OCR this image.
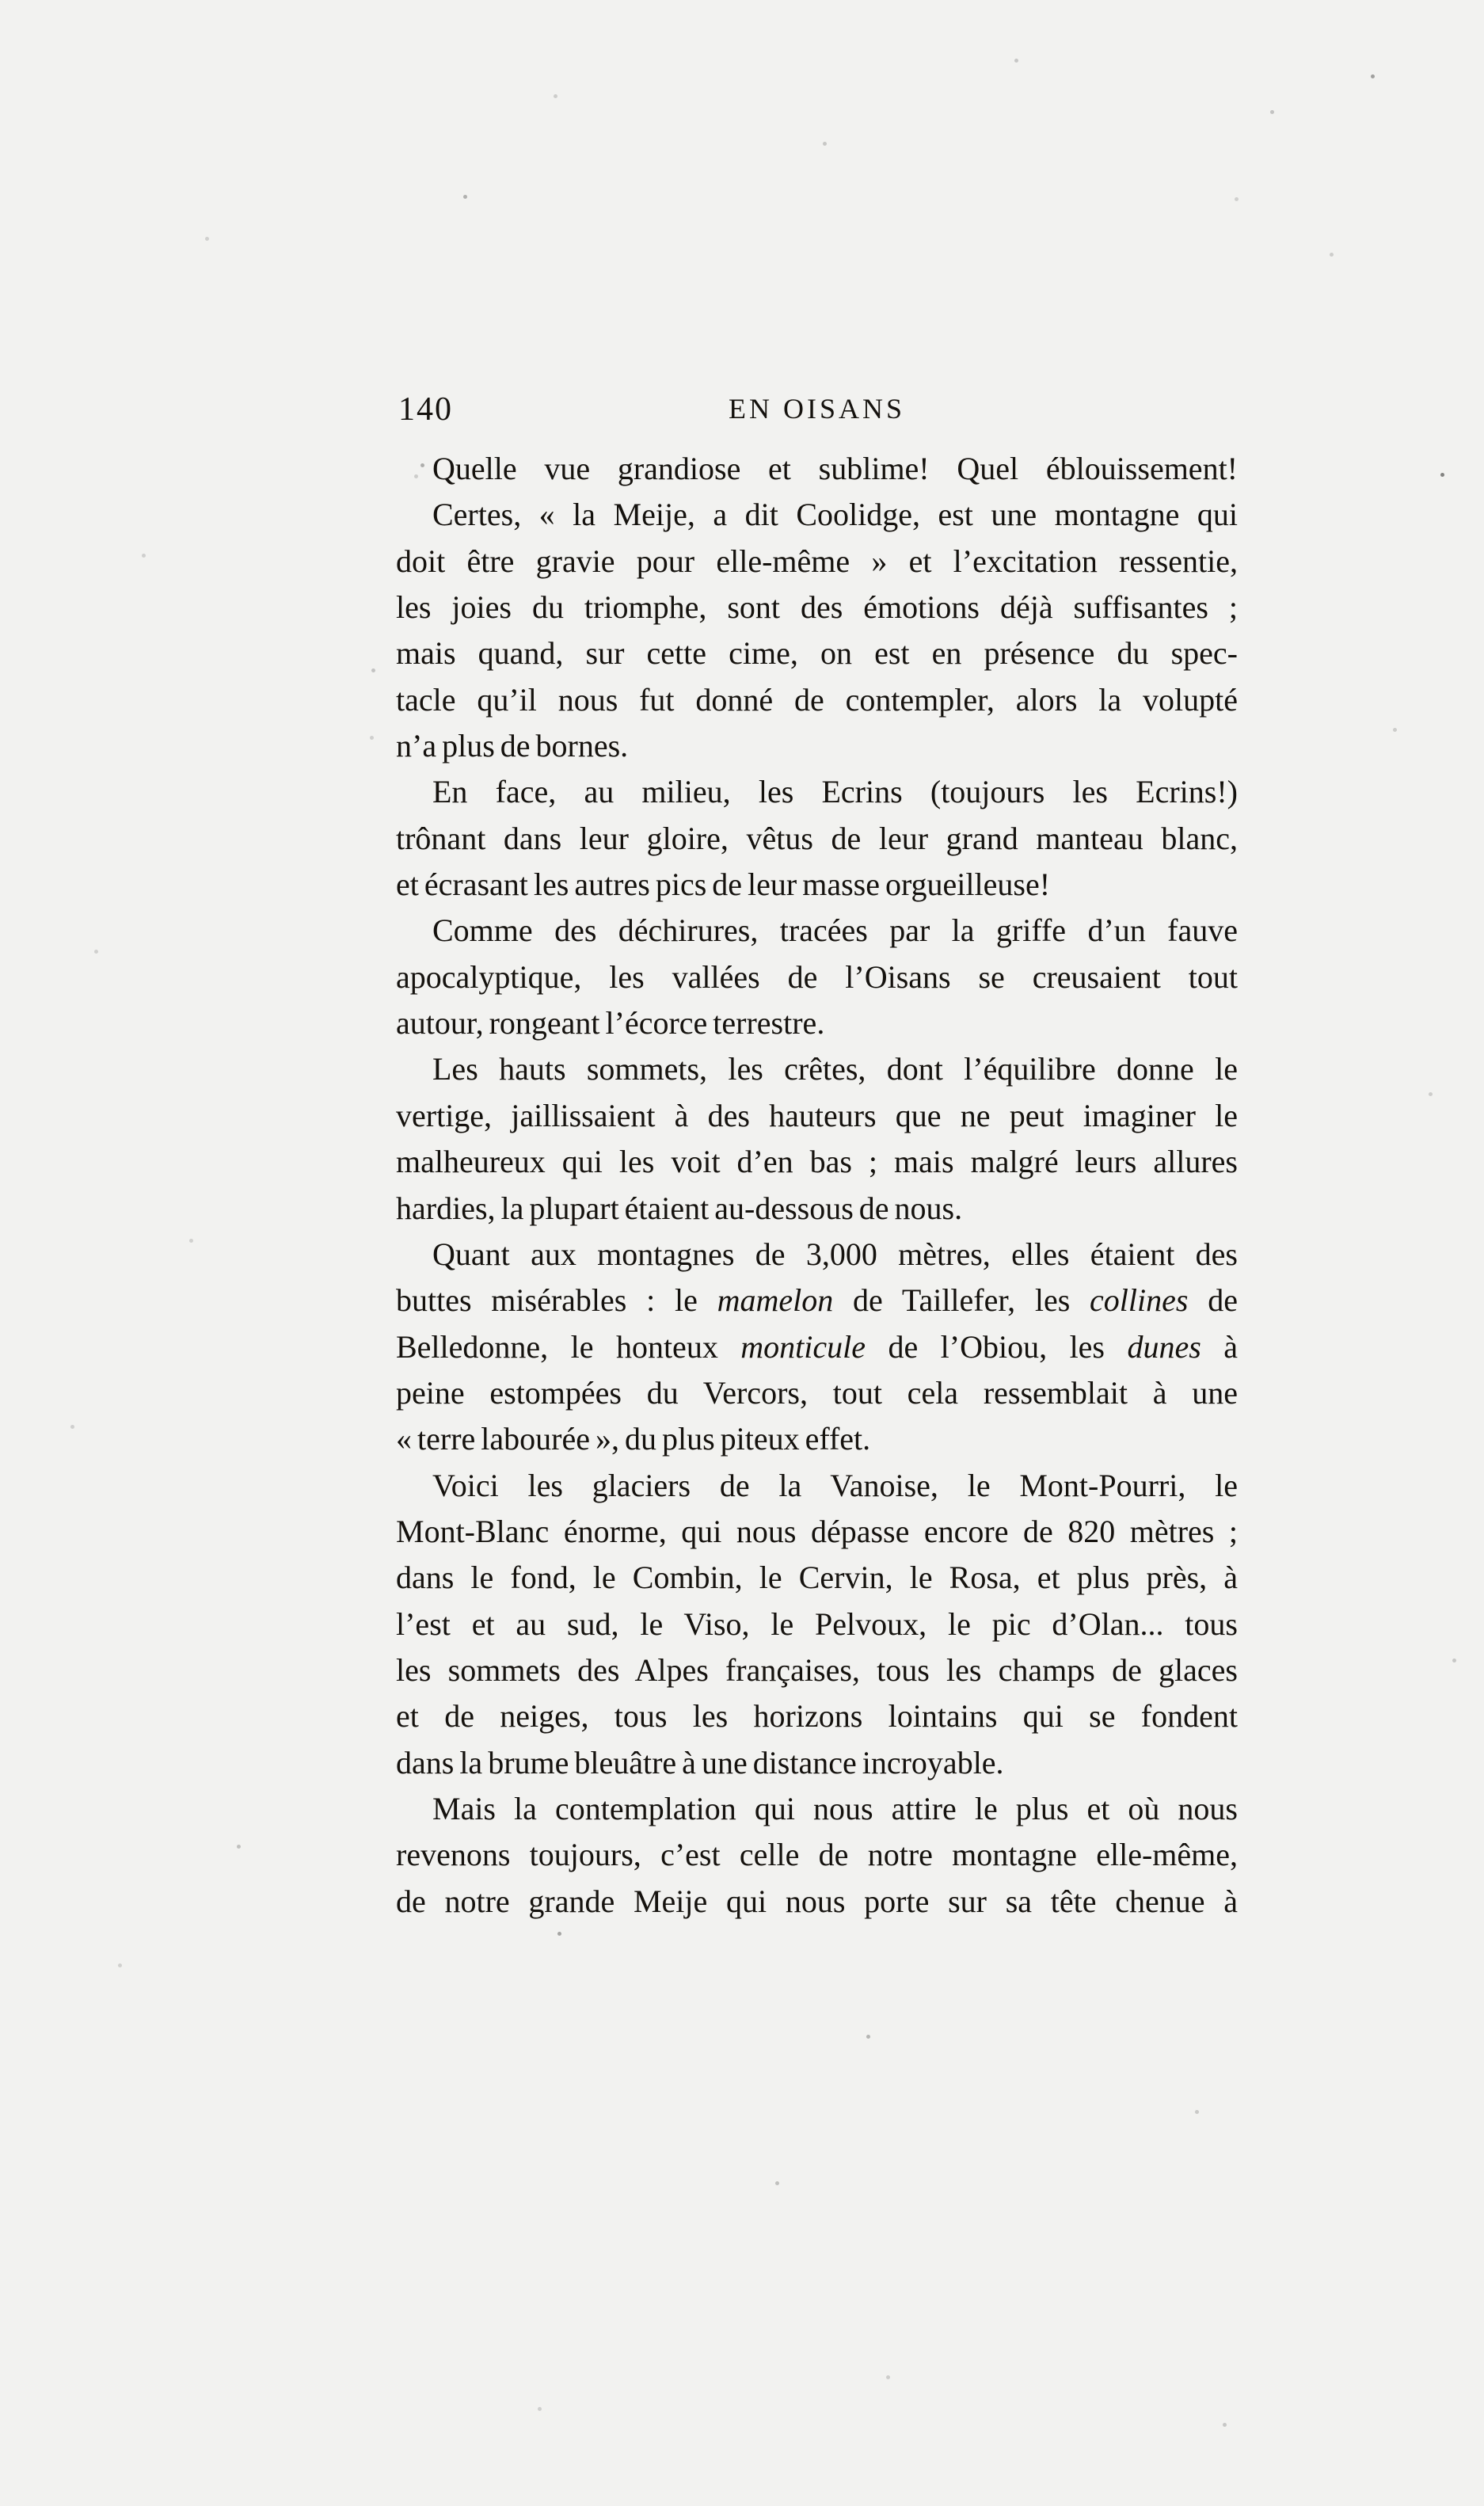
140	EN OISANS
Quelle vue grandiose et sublime! Quel éblouissement!
Certes, « la Meije, a dit Coolidge, est une montagne qui
doit être gravie pour elle-même » et l’excitation ressentie,
les joies du triomphe, sont des émotions déjà suffisantes ;
mais quand, sur cette cime, on est en présence du spec-
tacle qu’il nous fut donné de contempler, alors la volupté
n’a plus de bornes.
En face, au milieu, les Ecrins (toujours les Ecrins!)
trônant dans leur gloire, vêtus de leur grand manteau blanc,
et écrasant les autres pics de leur masse orgueilleuse!
Comme des déchirures, tracées par la griffe d’un fauve
apocalyptique, les vallées de l’Oisans se creusaient tout
autour, rongeant l’écorce terrestre.
Les hauts sommets, les crêtes, dont l’équilibre donne le
vertige, jaillissaient à des hauteurs que ne peut imaginer le
malheureux qui les voit d’en bas ; mais malgré leurs allures
hardies, la plupart étaient au-dessous de nous.
Quant aux montagnes de 3,000 mètres, elles étaient des
buttes misérables : le mamelon de Taillefer, les collines de
Belledonne, le honteux monticule de l’Obiou, les dunes à
peine estompées du Vercors, tout cela ressemblait à une
« terre labourée », du plus piteux effet.
Voici les glaciers de la Vanoise, le Mont-Pourri, le
Mont-Blanc énorme, qui nous dépasse encore de 820 mètres ;
dans le fond, le Combin, le Cervin, le Rosa, et plus près, à
l’est et au sud, le Viso, le Pelvoux, le pic d’Olan... tous
les sommets des Alpes françaises, tous les champs de glaces
et de neiges, tous les horizons lointains qui se fondent
dans la brume bleuâtre à une distance incroyable.
Mais la contemplation qui nous attire le plus et où nous
revenons toujours, c’est celle de notre montagne elle-même,
de notre grande Meije qui nous porte sur sa tête chenue à
